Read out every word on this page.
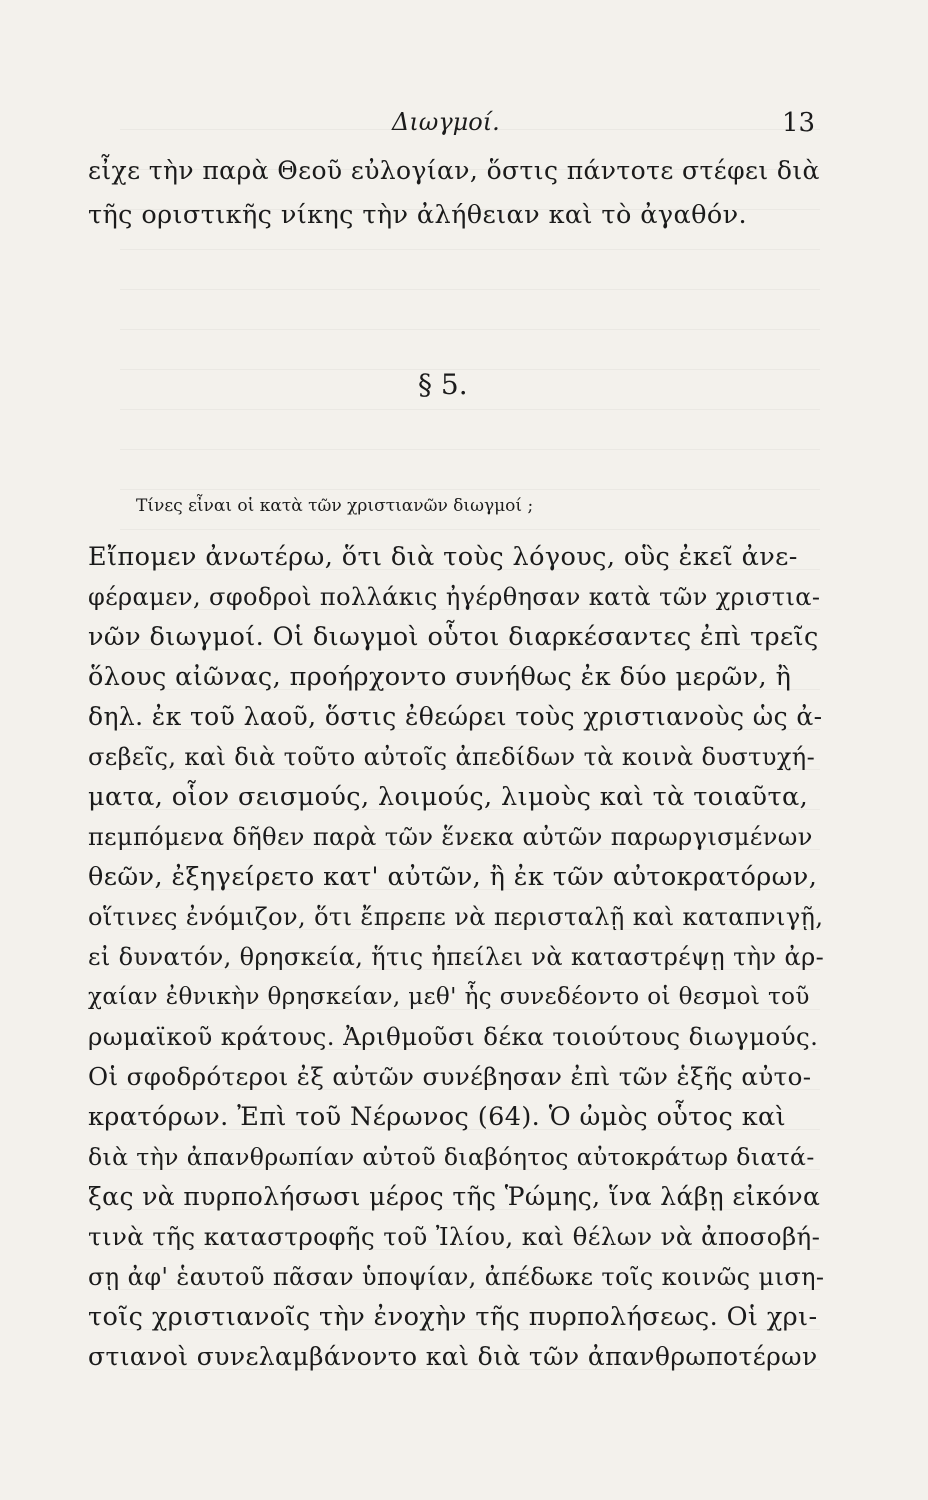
Διωγμοί.	13
εἶχε τὴν παρὰ Θεοῦ εὐλογίαν, ὅστις πάντοτε στέφει διὰ
τῆς οριστικῆς νίκης τὴν ἀλήθειαν καὶ τὸ ἀγαθόν.
§ 5.
Τίνες εἶναι οἱ κατὰ τῶν χριστιανῶν διωγμοί ;
Εἴπομεν ἀνωτέρω, ὅτι διὰ τοὺς λόγους, οὓς ἐκεῖ ἀνε-
φέραμεν, σφοδροὶ πολλάκις ἠγέρθησαν κατὰ τῶν χριστια-
νῶν διωγμοί. Οἱ διωγμοὶ οὗτοι διαρκέσαντες ἐπὶ τρεῖς
ὅλους αἰῶνας, προήρχοντο συνήθως ἐκ δύο μερῶν, ἢ
δηλ. ἐκ τοῦ λαοῦ, ὅστις ἐθεώρει τοὺς χριστιανοὺς ὡς ἀ-
σεβεῖς, καὶ διὰ τοῦτο αὐτοῖς ἀπεδίδων τὰ κοινὰ δυστυχή-
ματα, οἷον σεισμούς, λοιμούς, λιμοὺς καὶ τὰ τοιαῦτα,
πεμπόμενα δῆθεν παρὰ τῶν ἕνεκα αὐτῶν παρωργισμένων
θεῶν, ἐξηγείρετο κατ' αὐτῶν, ἢ ἐκ τῶν αὐτοκρατόρων,
οἵτινες ἐνόμιζον, ὅτι ἔπρεπε νὰ περισταλῇ καὶ καταπνιγῇ,
εἰ δυνατόν, θρησκεία, ἥτις ἠπείλει νὰ καταστρέψῃ τὴν ἀρ-
χαίαν ἐθνικὴν θρησκείαν, μεθ' ἧς συνεδέοντο οἱ θεσμοὶ τοῦ
ρωμαϊκοῦ κράτους. Ἀριθμοῦσι δέκα τοιούτους διωγμούς.
Οἱ σφοδρότεροι ἐξ αὐτῶν συνέβησαν ἐπὶ τῶν ἑξῆς αὐτο-
κρατόρων. Ἐπὶ τοῦ Νέρωνος (64). Ὁ ὠμὸς οὗτος καὶ
διὰ τὴν ἀπανθρωπίαν αὐτοῦ διαβόητος αὐτοκράτωρ διατά-
ξας νὰ πυρπολήσωσι μέρος τῆς Ῥώμης, ἵνα λάβῃ εἰκόνα
τινὰ τῆς καταστροφῆς τοῦ Ἰλίου, καὶ θέλων νὰ ἀποσοβή-
σῃ ἀφ' ἑαυτοῦ πᾶσαν ὑποψίαν, ἀπέδωκε τοῖς κοινῶς μιση-
τοῖς χριστιανοῖς τὴν ἐνοχὴν τῆς πυρπολήσεως. Οἱ χρι-
στιανοὶ συνελαμβάνοντο καὶ διὰ τῶν ἀπανθρωποτέρων
